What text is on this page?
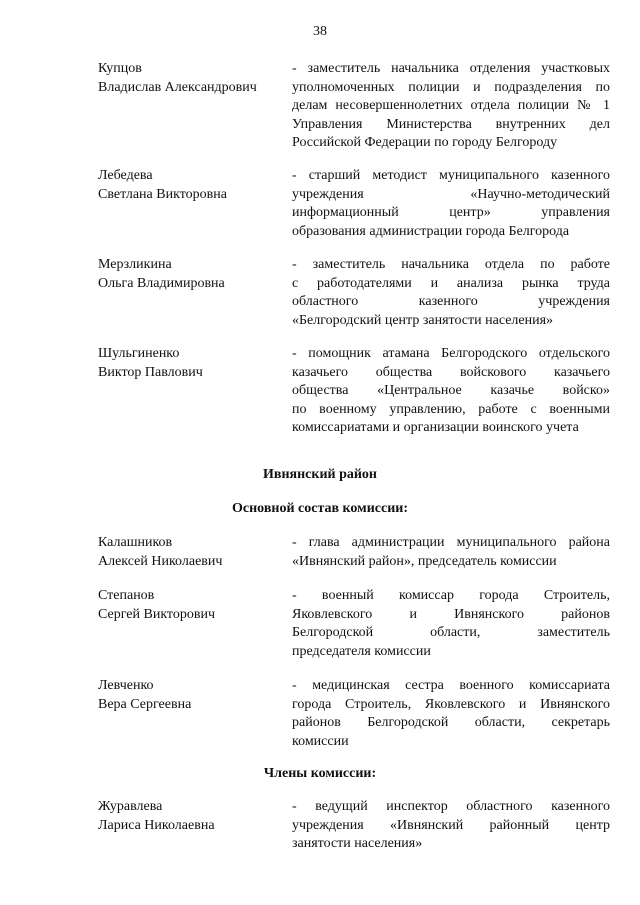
38
Купцов
Владислав Александрович
- заместитель начальника отделения участковых
уполномоченных полиции и подразделения по
делам несовершеннолетних отдела полиции № 1
Управления Министерства внутренних дел
Российской Федерации по городу Белгороду
Лебедева
Светлана Викторовна
- старший методист муниципального казенного
учреждения «Научно-методический
информационный центр» управления
образования администрации города Белгорода
Мерзликина
Ольга Владимировна
- заместитель начальника отдела по работе
с работодателями и анализа рынка труда
областного казенного учреждения
«Белгородский центр занятости населения»
Шульгиненко
Виктор Павлович
- помощник атамана Белгородского отдельского
казачьего общества войскового казачьего
общества «Центральное казачье войско»
по военному управлению, работе с военными
комиссариатами и организации воинского учета
Ивнянский район
Основной состав комиссии:
Калашников
Алексей Николаевич
- глава администрации муниципального района
«Ивнянский район», председатель комиссии
Степанов
Сергей Викторович
- военный комиссар города Строитель,
Яковлевского и Ивнянского районов
Белгородской области, заместитель
председателя комиссии
Левченко
Вера Сергеевна
- медицинская сестра военного комиссариата
города Строитель, Яковлевского и Ивнянского
районов Белгородской области, секретарь
комиссии
Члены комиссии:
Журавлева
Лариса Николаевна
- ведущий инспектор областного казенного
учреждения «Ивнянский районный центр
занятости населения»
